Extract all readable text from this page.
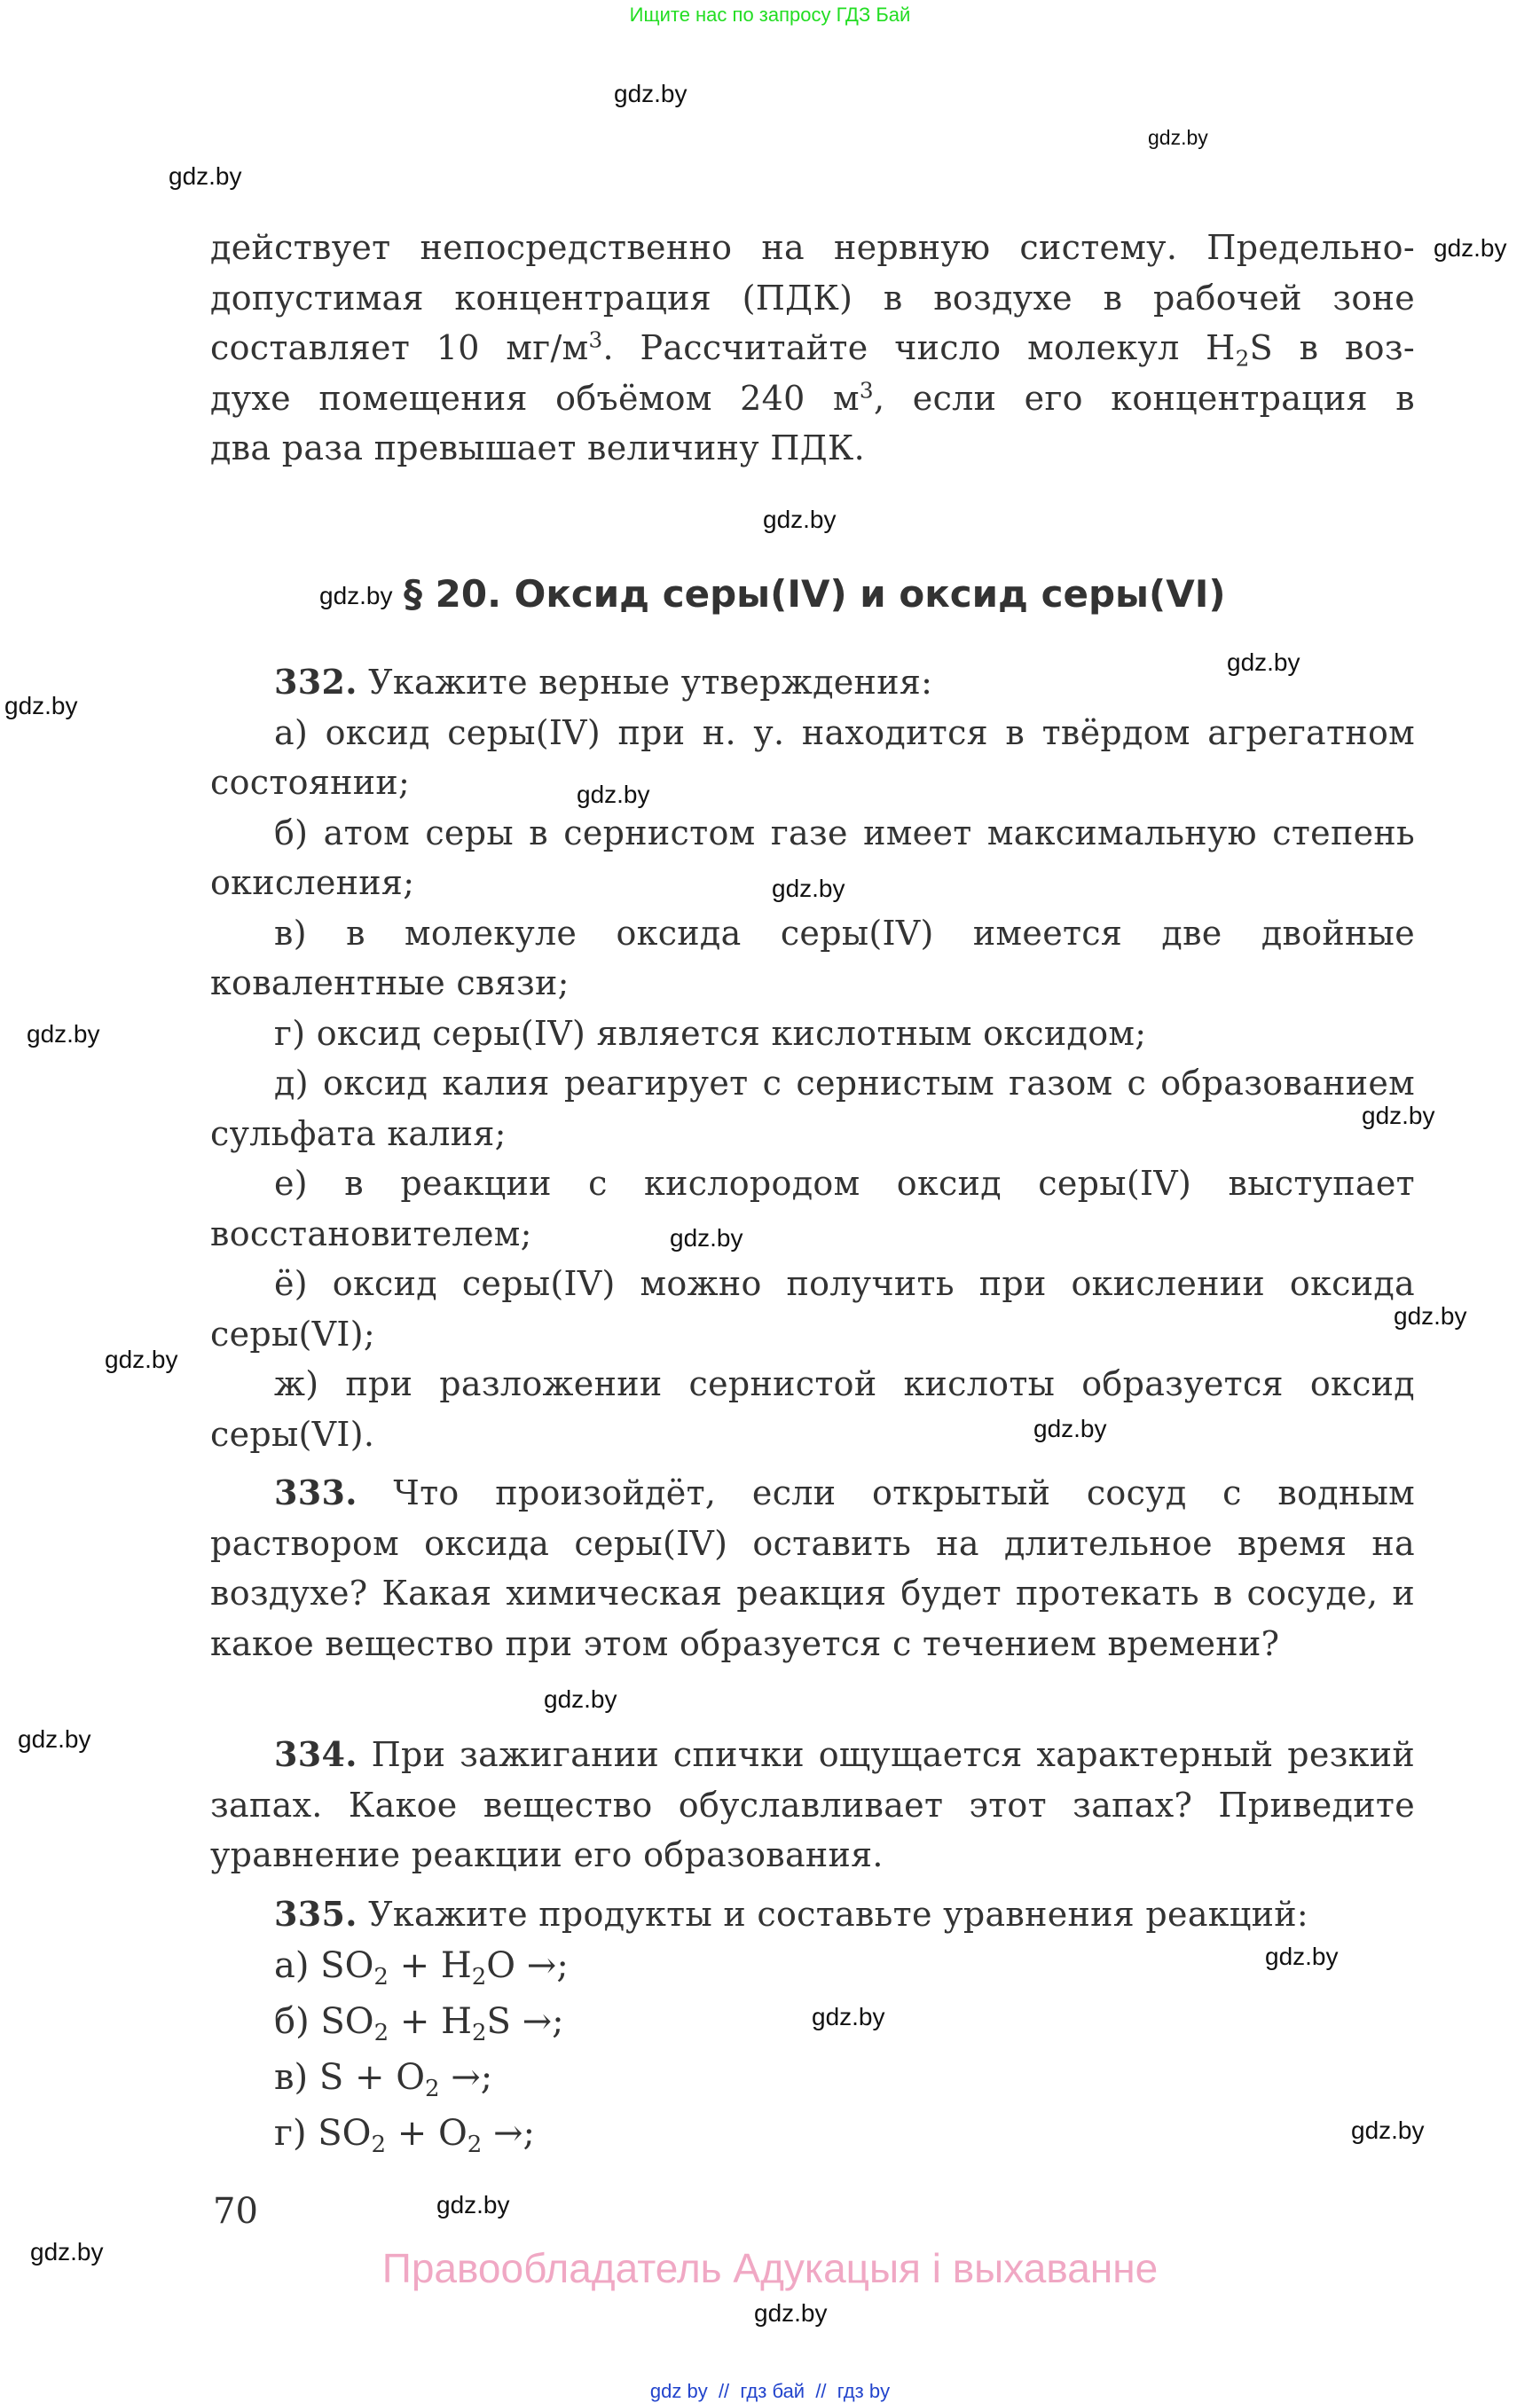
Ищите нас по запросу ГДЗ Бай
gdz.by
gdz.by
gdz.by
gdz.by
gdz.by
gdz.by
gdz.by
gdz.by
gdz.by
gdz.by
gdz.by
gdz.by
gdz.by
gdz.by
gdz.by
gdz.by
gdz.by
gdz.by
gdz.by
gdz.by
gdz.by
gdz.by
gdz.by
gdz.by

действует непосредственно на нервную систему. Предельно-

допустимая концентрация (ПДК) в воздухе в рабочей зоне

составляет 10 $мг/м^3$. Рассчитайте число молекул $H_2S$ в воз-

духе помещения объёмом 240 $м^3$, если его концентрация в

два раза превышает величину ПДК.

§ 20. Оксид серы(IV) и оксид серы(VI)

332. Укажите верные утверждения:

а) оксид серы(IV) при н. у. находится в твёрдом агрегатном состоянии;

б) атом серы в сернистом газе имеет максимальную степень окисления;

в) в молекуле оксида серы(IV) имеется две двойные ковалентные связи;

г) оксид серы(IV) является кислотным оксидом;

д) оксид калия реагирует с сернистым газом с образованием сульфата калия;

е) в реакции с кислородом оксид серы(IV) выступает восстановителем;

ё) оксид серы(IV) можно получить при окислении оксида серы(VI);

ж) при разложении сернистой кислоты образуется оксид серы(VI).

333. Что произойдёт, если открытый сосуд с водным раствором оксида серы(IV) оставить на длительное время на воздухе? Какая химическая реакция будет протекать в сосуде, и какое вещество при этом образуется с течением времени?

334. При зажигании спички ощущается характерный резкий запах. Какое вещество обуславливает этот запах? Приведите уравнение реакции его образования.

335. Укажите продукты и составьте уравнения реакций:

а) $SO_2 + H_2O$ →;
б) $SO_2 + H_2S$ →;
в) $S + O_2$ →;
г) $SO_2 + O_2$ →;
70
Правообладатель Адукацыя і выхаванне
gdz by  //  гдз бай  //  гдз by
